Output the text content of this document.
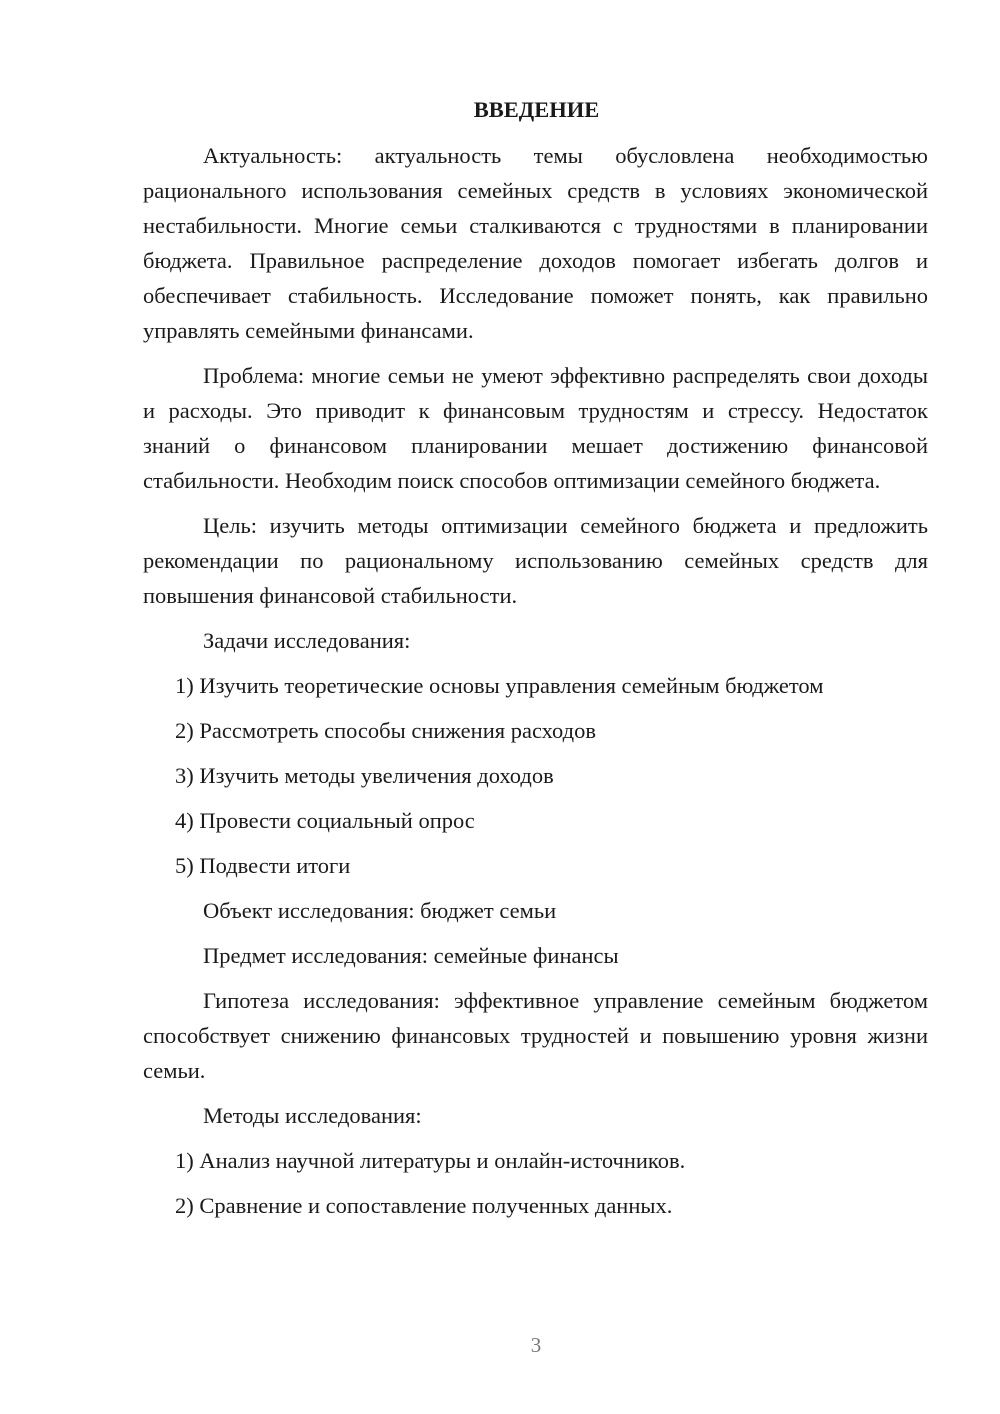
ВВЕДЕНИЕ

Актуальность: актуальность темы обусловлена необходимостью рационального использования семейных средств в условиях экономической нестабильности. Многие семьи сталкиваются с трудностями в планировании бюджета. Правильное распределение доходов помогает избегать долгов и обеспечивает стабильность. Исследование поможет понять, как правильно управлять семейными финансами.

Проблема: многие семьи не умеют эффективно распределять свои доходы и расходы. Это приводит к финансовым трудностям и стрессу. Недостаток знаний о финансовом планировании мешает достижению финансовой стабильности. Необходим поиск способов оптимизации семейного бюджета.

Цель: изучить методы оптимизации семейного бюджета и предложить рекомендации по рациональному использованию семейных средств для повышения финансовой стабильности.

Задачи исследования:

1) Изучить теоретические основы управления семейным бюджетом
2) Рассмотреть способы снижения расходов
3) Изучить методы увеличения доходов
4) Провести социальный опрос
5) Подвести итоги

Объект исследования: бюджет семьи

Предмет исследования: семейные финансы

Гипотеза исследования: эффективное управление семейным бюджетом способствует снижению финансовых трудностей и повышению уровня жизни семьи.

Методы исследования:

1) Анализ научной литературы и онлайн-источников.
2) Сравнение и сопоставление полученных данных.
3
